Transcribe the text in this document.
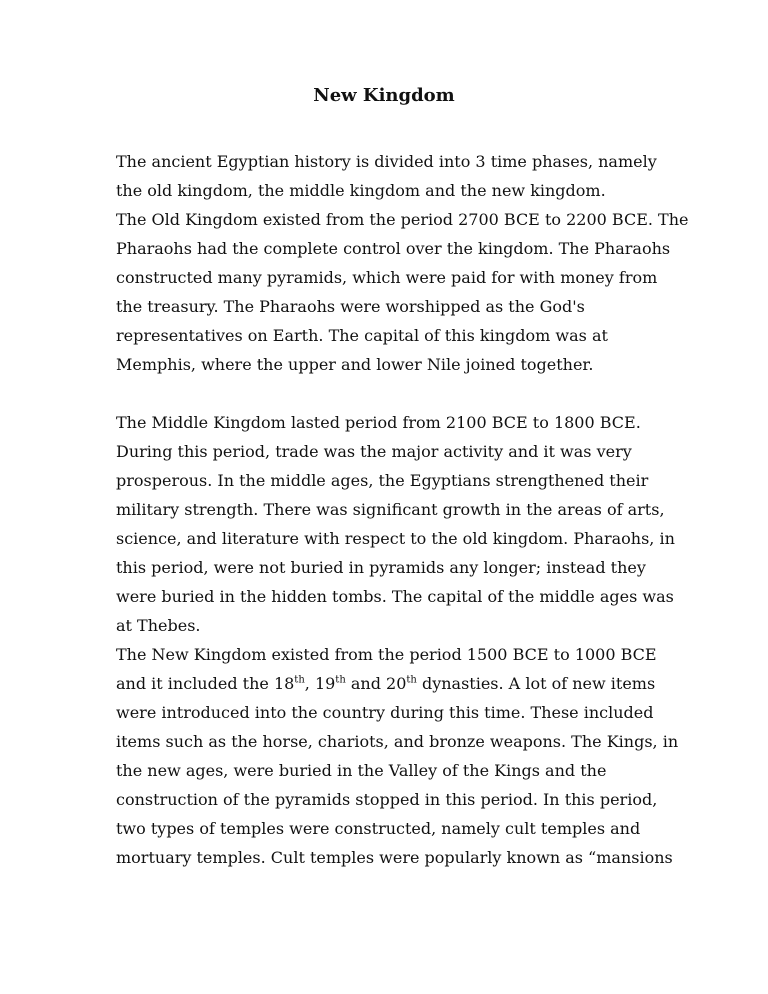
New Kingdom

The ancient Egyptian history is divided into 3 time phases, namely

the old kingdom, the middle kingdom and the new kingdom.

The Old Kingdom existed from the period 2700 BCE to 2200 BCE. The

Pharaohs had the complete control over the kingdom. The Pharaohs

constructed many pyramids, which were paid for with money from

the treasury. The Pharaohs were worshipped as the God's

representatives on Earth. The capital of this kingdom was at

Memphis, where the upper and lower Nile joined together.

The Middle Kingdom lasted period from 2100 BCE to 1800 BCE.

During this period, trade was the major activity and it was very

prosperous. In the middle ages, the Egyptians strengthened their

military strength. There was significant growth in the areas of arts,

science, and literature with respect to the old kingdom. Pharaohs, in

this period, were not buried in pyramids any longer; instead they

were buried in the hidden tombs. The capital of the middle ages was

at Thebes.

The New Kingdom existed from the period 1500 BCE to 1000 BCE

and it included the 18th, 19th and 20th dynasties. A lot of new items

were introduced into the country during this time. These included

items such as the horse, chariots, and bronze weapons. The Kings, in

the new ages, were buried in the Valley of the Kings and the

construction of the pyramids stopped in this period. In this period,

two types of temples were constructed, namely cult temples and

mortuary temples. Cult temples were popularly known as “mansions
